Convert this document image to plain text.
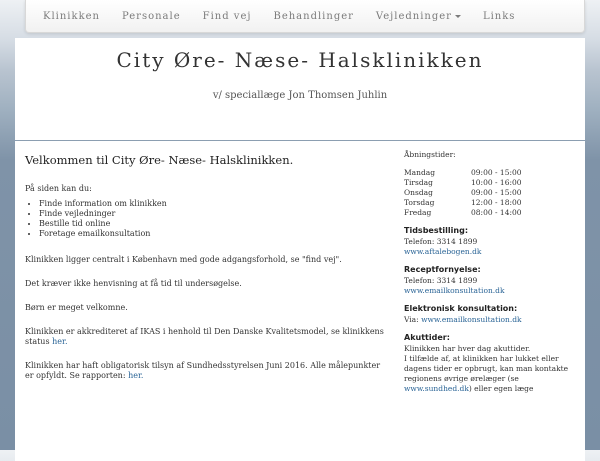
Klinikken	Personale	Find vej	Behandlinger	Vejledninger	Links
City Øre- Næse- Halsklinikken
v/ speciallæge Jon Thomsen Juhlin
Velkommen til City Øre- Næse- Halsklinikken.

På siden kan du:

• Finde information om klinikken
• Finde vejledninger
• Bestille tid online
• Foretage emailkonsultation

Klinikken ligger centralt i København med gode adgangsforhold, se "find vej".

Det kræver ikke henvisning at få tid til undersøgelse.

Børn er meget velkomne.

Klinikken er akkrediteret af IKAS i henhold til Den Danske Kvalitetsmodel, se klinikkens status her.

Klinikken har haft obligatorisk tilsyn af Sundhedsstyrelsen Juni 2016. Alle målepunkter er opfyldt. Se rapporten: her.

Åbningstider:
Mandag	09:00 - 15:00
Tirsdag	10:00 - 16:00
Onsdag	09:00 - 15:00
Torsdag	12:00 - 18:00
Fredag	08:00 - 14:00
Tidsbestilling:
Telefon: 3314 1899
www.aftalebogen.dk
Receptfornyelse:
Telefon: 3314 1899
www.emailkonsultation.dk
Elektronisk konsultation:
Via: www.emailkonsultation.dk
Akuttider:
Klinikken har hver dag akuttider.
I tilfælde af, at klinikken har lukket eller
dagens tider er opbrugt, kan man kontakte
regionens øvrige ørelæger (se
www.sundhed.dk) eller egen læge
